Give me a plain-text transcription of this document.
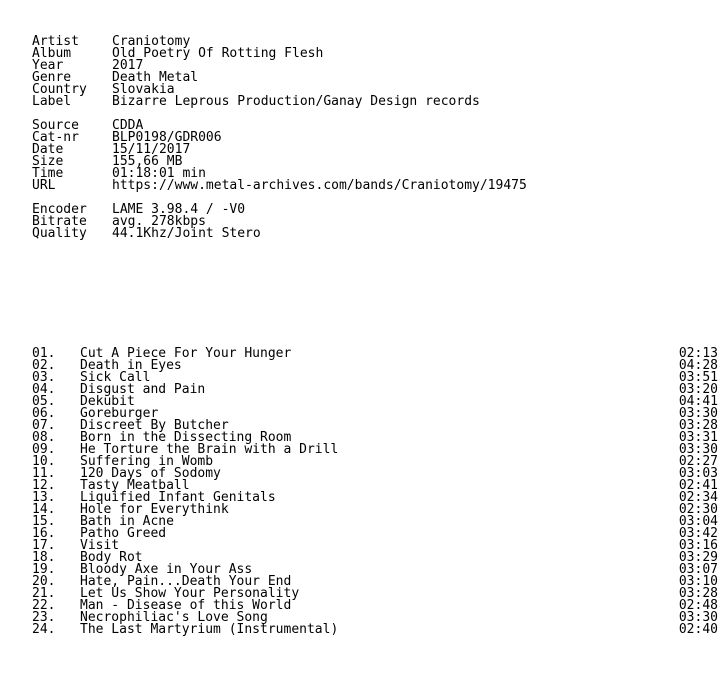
Artist	Craniotomy
Album	Old Poetry Of Rotting Flesh
Year	2017
Genre	Death Metal
Country Slovakia
Label	Bizarre Leprous Production/Ganay Design records
Source	CDDA
Cat-nr	BLP0198/GDR006
Date	15/11/2017
Size	155,66 MB
Time	01:18:01 min
URL	https://www.metal-archives.com/bands/Craniotomy/19475
Encoder LAME 3.98.4 / -V0
Bitrate avg. 278kbps
Quality 44.1Khz/Joint Stero
01. Cut A Piece For Your Hunger	02:13
02. Death in Eyes	04:28
03. Sick Call	03:51
04. Disgust and Pain	03:20
05. Dekubit	04:41
06. Goreburger	03:30
07. Discreet By Butcher	03:28
08. Born in the Dissecting Room	03:31
09. He Torture the Brain with a Drill	03:30
10. Suffering in Womb	02:27
11. 120 Days of Sodomy	03:03
12. Tasty Meatball	02:41
13. Liquified Infant Genitals	02:34
14. Hole for Everythink	02:30
15. Bath in Acne	03:04
16. Patho Greed	03:42
17. Visit	03:16
18. Body Rot	03:29
19. Bloody Axe in Your Ass	03:07
20. Hate, Pain...Death Your End	03:10
21. Let Us Show Your Personality	03:28
22. Man - Disease of this World	02:48
23. Necrophiliac's Love Song	03:30
24. The Last Martyrium (Instrumental)	02:40
